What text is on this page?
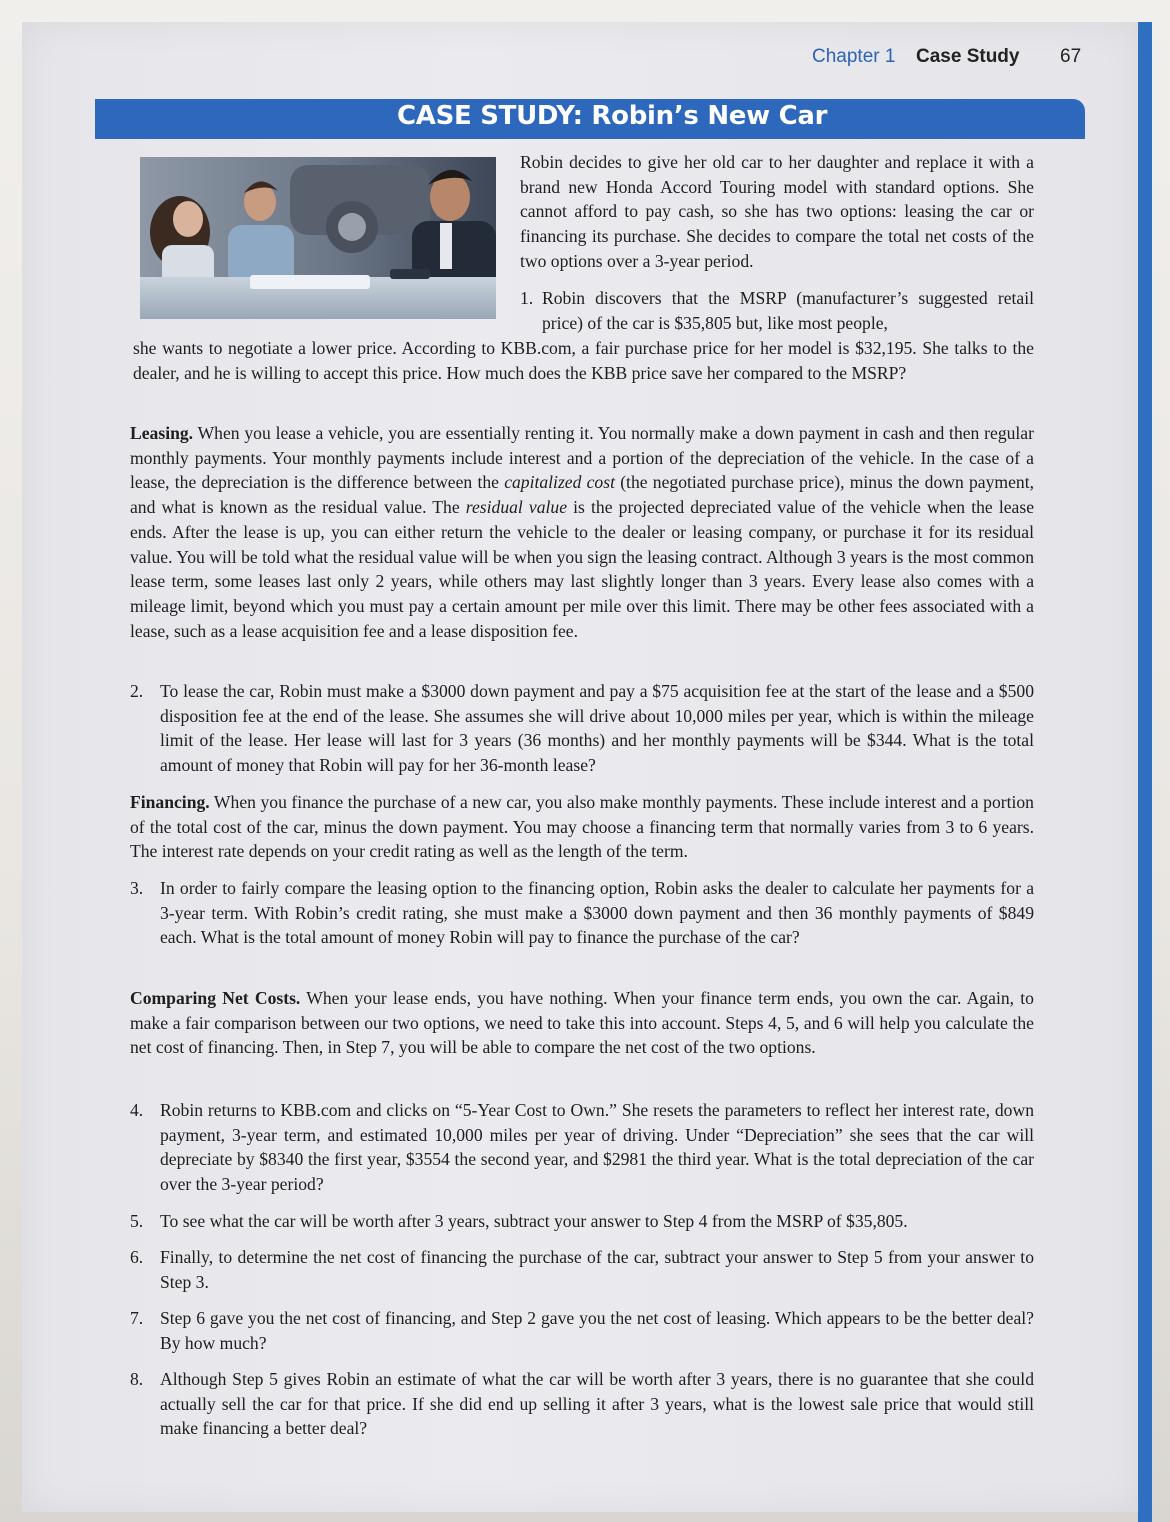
Chapter 1 Case Study 67
CASE STUDY: Robin’s New Car
Robin decides to give her old car to her daughter and replace it with a brand new Honda Accord Touring model with standard options. She cannot afford to pay cash, so she has two options: leasing the car or financing its purchase. She decides to compare the total net costs of the two options over a 3-year period.
1. Robin discovers that the MSRP (manufacturer’s suggested retail price) of the car is $35,805 but, like most people,
she wants to negotiate a lower price. According to KBB.com, a fair purchase price for her model is $32,195. She talks to the dealer, and he is willing to accept this price. How much does the KBB price save her compared to the MSRP?
Leasing. When you lease a vehicle, you are essentially renting it. You normally make a down payment in cash and then regular monthly payments. Your monthly payments include interest and a portion of the depreciation of the vehicle. In the case of a lease, the depreciation is the difference between the capitalized cost (the negotiated purchase price), minus the down payment, and what is known as the residual value. The residual value is the projected depreciated value of the vehicle when the lease ends. After the lease is up, you can either return the vehicle to the dealer or leasing company, or purchase it for its residual value. You will be told what the residual value will be when you sign the leasing contract. Although 3 years is the most common lease term, some leases last only 2 years, while others may last slightly longer than 3 years. Every lease also comes with a mileage limit, beyond which you must pay a certain amount per mile over this limit. There may be other fees associated with a lease, such as a lease acquisition fee and a lease disposition fee.
2. To lease the car, Robin must make a $3000 down payment and pay a $75 acquisition fee at the start of the lease and a $500 disposition fee at the end of the lease. She assumes she will drive about 10,000 miles per year, which is within the mileage limit of the lease. Her lease will last for 3 years (36 months) and her monthly payments will be $344. What is the total amount of money that Robin will pay for her 36-month lease?
Financing. When you finance the purchase of a new car, you also make monthly payments. These include interest and a portion of the total cost of the car, minus the down payment. You may choose a financing term that normally varies from 3 to 6 years. The interest rate depends on your credit rating as well as the length of the term.
3. In order to fairly compare the leasing option to the financing option, Robin asks the dealer to calculate her payments for a 3-year term. With Robin’s credit rating, she must make a $3000 down payment and then 36 monthly payments of $849 each. What is the total amount of money Robin will pay to finance the purchase of the car?
Comparing Net Costs. When your lease ends, you have nothing. When your finance term ends, you own the car. Again, to make a fair comparison between our two options, we need to take this into account. Steps 4, 5, and 6 will help you calculate the net cost of financing. Then, in Step 7, you will be able to compare the net cost of the two options.
4. Robin returns to KBB.com and clicks on “5-Year Cost to Own.” She resets the parameters to reflect her interest rate, down payment, 3-year term, and estimated 10,000 miles per year of driving. Under “Depreciation” she sees that the car will depreciate by $8340 the first year, $3554 the second year, and $2981 the third year. What is the total depreciation of the car over the 3-year period?
5. To see what the car will be worth after 3 years, subtract your answer to Step 4 from the MSRP of $35,805.
6. Finally, to determine the net cost of financing the purchase of the car, subtract your answer to Step 5 from your answer to Step 3.
7. Step 6 gave you the net cost of financing, and Step 2 gave you the net cost of leasing. Which appears to be the better deal? By how much?
8. Although Step 5 gives Robin an estimate of what the car will be worth after 3 years, there is no guarantee that she could actually sell the car for that price. If she did end up selling it after 3 years, what is the lowest sale price that would still make financing a better deal?
